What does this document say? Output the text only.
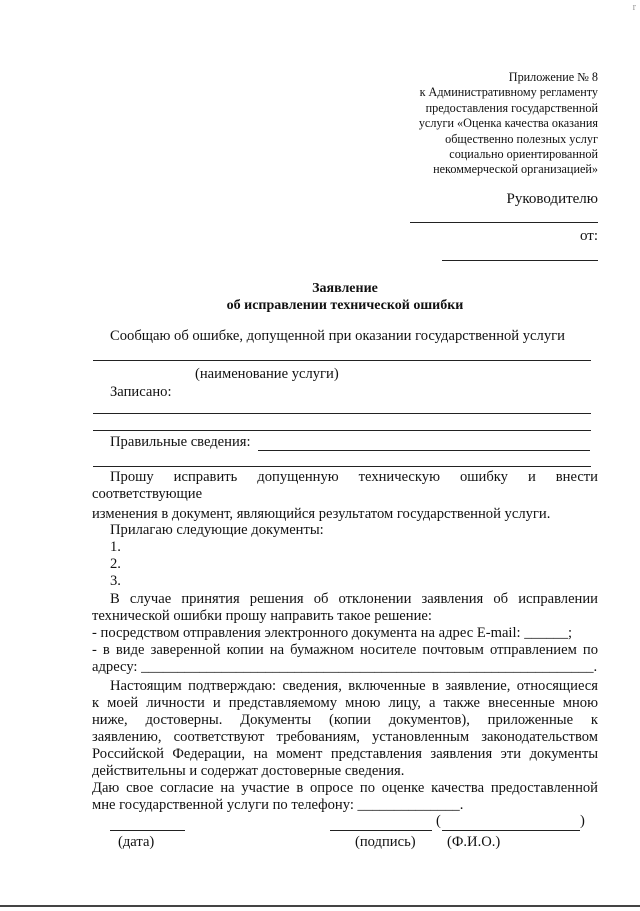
r
Приложение № 8
к Административному регламенту
предоставления государственной
услуги «Оценка качества оказания
общественно полезных услуг
социально ориентированной
некоммерческой организацией»
Руководителю
от:
Заявление
об исправлении технической ошибки
Сообщаю об ошибке, допущенной при оказании государственной услуги
(наименование услуги)
Записано:
Правильные сведения:
Прошу исправить допущенную техническую ошибку и внести
соответствующие
изменения в документ, являющийся результатом государственной услуги.
Прилагаю следующие документы:
1.
2.
3.
В случае принятия решения об отклонении заявления об исправлении
технической ошибки прошу направить такое решение:
- посредством отправления электронного документа на адрес E-mail: ______;
- в виде заверенной копии на бумажном носителе почтовым отправлением по
адресу: ______________________________________________________________.
Настоящим подтверждаю: сведения, включенные в заявление, относящиеся
к моей личности и представляемому мною лицу, а также внесенные мною
ниже, достоверны. Документы (копии документов), приложенные к
заявлению, соответствуют требованиям, установленным законодательством
Российской Федерации, на момент представления заявления эти документы
действительны и содержат достоверные сведения.
Даю свое согласие на участие в опросе по оценке качества предоставленной
мне государственной услуги по телефону: ______________.
(	)
(дата)	(подпись) (Ф.И.О.)
